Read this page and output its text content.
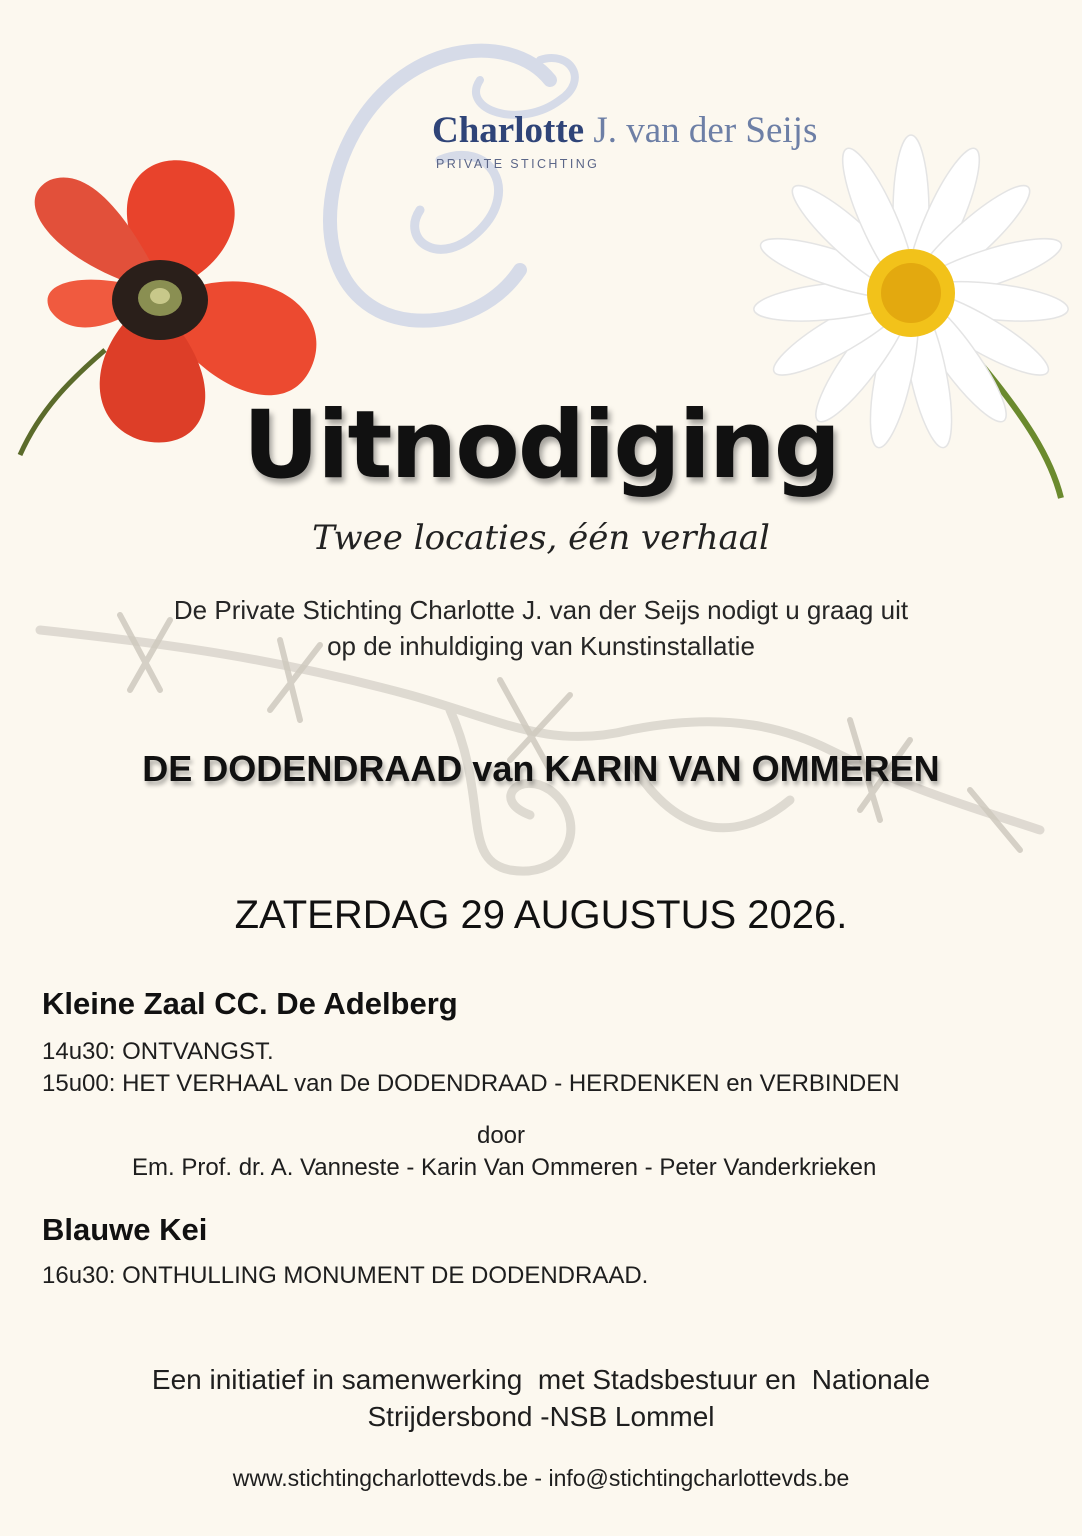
Charlotte J. van der Seijs
PRIVATE STICHTING
Uitnodiging
Twee locaties, één verhaal
De Private Stichting Charlotte J. van der Seijs nodigt u graag uit
op de inhuldiging van Kunstinstallatie
DE DODENDRAAD van KARIN VAN OMMEREN
ZATERDAG 29 AUGUSTUS 2026.
Kleine Zaal CC. De Adelberg
14u30: ONTVANGST.
15u00: HET VERHAAL van De DODENDRAAD - HERDENKEN en VERBINDEN
door
Em. Prof. dr. A. Vanneste - Karin Van Ommeren - Peter Vanderkrieken
Blauwe Kei
16u30: ONTHULLING MONUMENT DE DODENDRAAD.
Een initiatief in samenwerking  met Stadsbestuur en  Nationale
Strijdersbond -NSB Lommel
www.stichtingcharlottevds.be - info@stichtingcharlottevds.be
